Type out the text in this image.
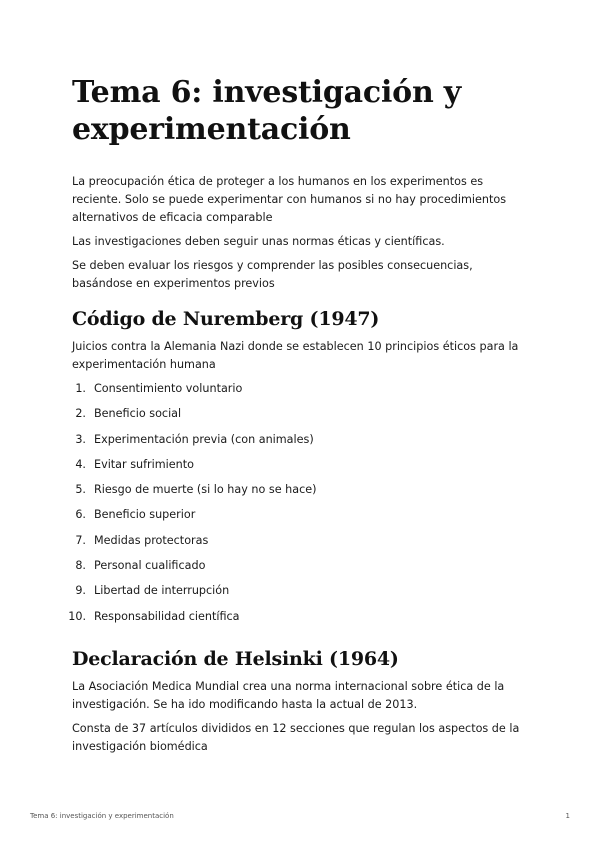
Tema 6: investigación y experimentación

La preocupación ética de proteger a los humanos en los experimentos es reciente. Solo se puede experimentar con humanos si no hay procedimientos alternativos de eficacia comparable

Las investigaciones deben seguir unas normas éticas y científicas.

Se deben evaluar los riesgos y comprender las posibles consecuencias, basándose en experimentos previos

Código de Nuremberg (1947)

Juicios contra la Alemania Nazi donde se establecen 10 principios éticos para la experimentación humana

1. Consentimiento voluntario
2. Beneficio social
3. Experimentación previa (con animales)
4. Evitar sufrimiento
5. Riesgo de muerte (si lo hay no se hace)
6. Beneficio superior
7. Medidas protectoras
8. Personal cualificado
9. Libertad de interrupción
10. Responsabilidad científica
Declaración de Helsinki (1964)

La Asociación Medica Mundial crea una norma internacional sobre ética de la investigación. Se ha ido modificando hasta la actual de 2013.

Consta de 37 artículos divididos en 12 secciones que regulan los aspectos de la investigación biomédica

Tema 6: investigación y experimentación	1
